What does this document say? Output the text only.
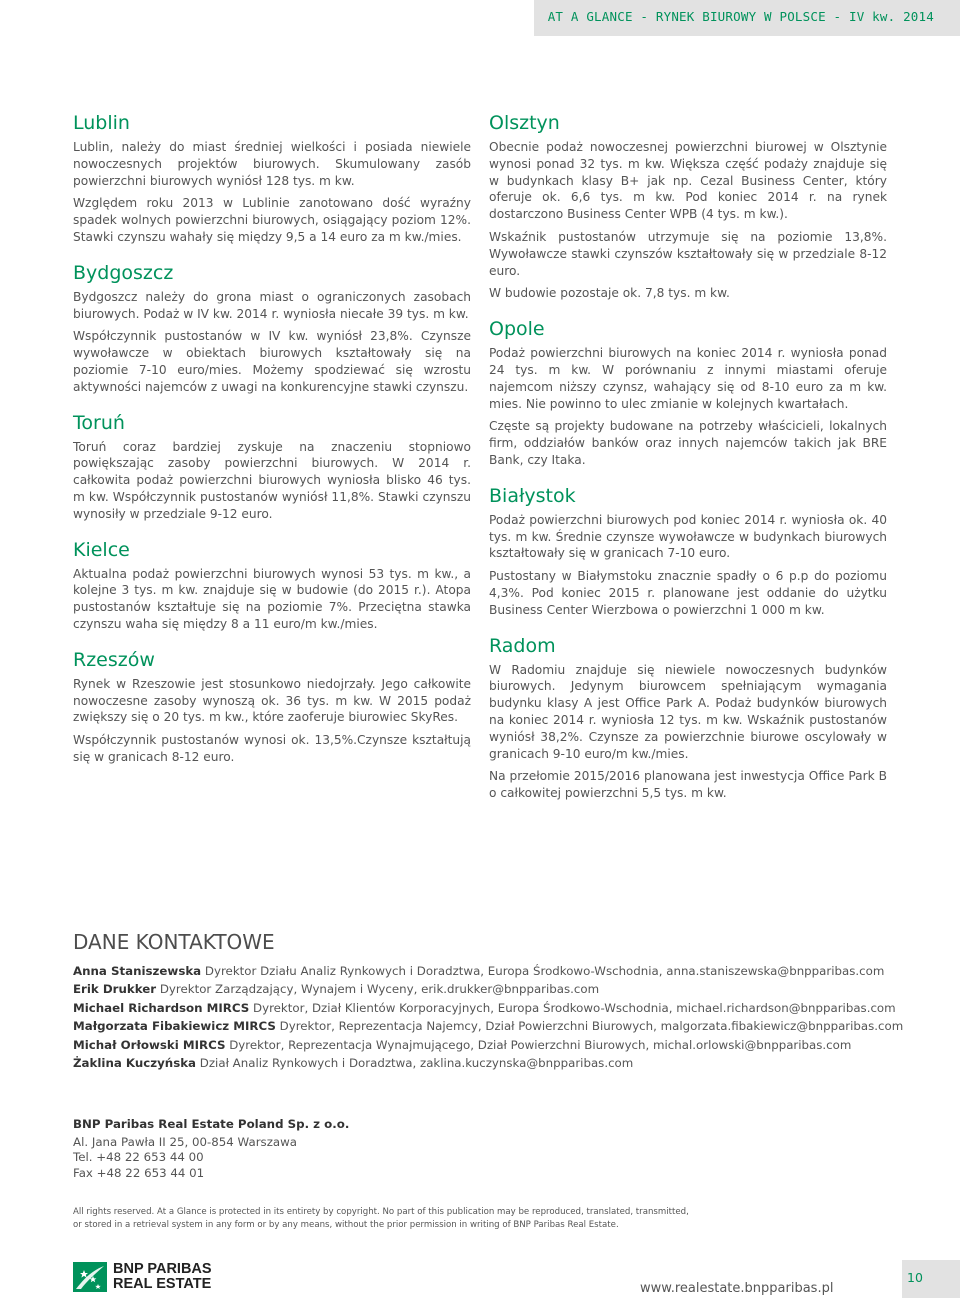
AT A GLANCE - RYNEK BIUROWY W POLSCE - IV kw. 2014
Lublin

Lublin, należy do miast średniej wielkości i posiada niewiele nowoczesnych projektów biurowych. Skumulowany zasób powierzchni biurowych wyniósł 128 tys. m kw.

Względem roku 2013 w Lublinie zanotowano dość wyraźny spadek wolnych powierzchni biurowych, osiągający poziom 12%. Stawki czynszu wahały się między 9,5 a 14 euro za m kw./mies.

Bydgoszcz

Bydgoszcz należy do grona miast o ograniczonych zasobach biurowych. Podaż w IV kw. 2014 r. wyniosła niecałe 39 tys. m kw.

Współczynnik pustostanów w IV kw. wyniósł 23,8%. Czynsze wywoławcze w obiektach biurowych kształtowały się na poziomie 7-10 euro/mies. Możemy spodziewać się wzrostu aktywności najemców z uwagi na konkurencyjne stawki czynszu.

Toruń

Toruń coraz bardziej zyskuje na znaczeniu stopniowo powiększając zasoby powierzchni biurowych. W 2014 r. całkowita podaż powierzchni biurowych wyniosła blisko 46 tys. m kw. Współczynnik pustostanów wyniósł 11,8%. Stawki czynszu wynosiły w przedziale 9-12 euro.

Kielce

Aktualna podaż powierzchni biurowych wynosi 53 tys. m kw., a kolejne 3 tys. m kw. znajduje się w budowie (do 2015 r.). Atopa pustostanów kształtuje się na poziomie 7%. Przeciętna stawka czynszu waha się między 8 a 11 euro/m kw./mies.

Rzeszów

Rynek w Rzeszowie jest stosunkowo niedojrzały. Jego całkowite nowoczesne zasoby wynoszą ok. 36 tys. m kw. W 2015 podaż zwiększy się o 20 tys. m kw., które zaoferuje biurowiec SkyRes.

Współczynnik pustostanów wynosi ok. 13,5%.Czynsze kształtują się w granicach 8-12 euro.

Olsztyn

Obecnie podaż nowoczesnej powierzchni biurowej w Olsztynie wynosi ponad 32 tys. m kw. Większa część podaży znajduje się w budynkach klasy B+ jak np. Cezal Business Center, który oferuje ok. 6,6 tys. m kw. Pod koniec 2014 r. na rynek dostarczono Business Center WPB (4 tys. m kw.).

Wskaźnik pustostanów utrzymuje się na poziomie 13,8%. Wywoławcze stawki czynszów kształtowały się w przedziale 8-12 euro.

W budowie pozostaje ok. 7,8 tys. m kw.

Opole

Podaż powierzchni biurowych na koniec 2014 r. wyniosła ponad 24 tys. m kw. W porównaniu z innymi miastami oferuje najemcom niższy czynsz, wahający się od 8-10 euro za m kw. mies. Nie powinno to ulec zmianie w kolejnych kwartałach.

Częste są projekty budowane na potrzeby właścicieli, lokalnych firm, oddziałów banków oraz innych najemców takich jak BRE Bank, czy Itaka.

Białystok

Podaż powierzchni biurowych pod koniec 2014 r. wyniosła ok. 40 tys. m kw. Średnie czynsze wywoławcze w budynkach biurowych kształtowały się w granicach 7-10 euro.

Pustostany w Białymstoku znacznie spadły o 6 p.p do poziomu 4,3%. Pod koniec 2015 r. planowane jest oddanie do użytku Business Center Wierzbowa o powierzchni 1 000 m kw.

Radom

W Radomiu znajduje się niewiele nowoczesnych budynków biurowych. Jedynym biurowcem spełniającym wymagania budynku klasy A jest Office Park A. Podaż budynków biurowych na koniec 2014 r. wyniosła 12 tys. m kw. Wskaźnik pustostanów wyniósł 38,2%. Czynsze za powierzchnie biurowe oscylowały w granicach 9-10 euro/m kw./mies.

Na przełomie 2015/2016 planowana jest inwestycja Office Park B o całkowitej powierzchni 5,5 tys. m kw.

DANE KONTAKTOWE
Anna Staniszewska Dyrektor Działu Analiz Rynkowych i Doradztwa, Europa Środkowo-Wschodnia, anna.staniszewska@bnpparibas.com
Erik Drukker Dyrektor Zarządzający, Wynajem i Wyceny, erik.drukker@bnpparibas.com
Michael Richardson MIRCS Dyrektor, Dział Klientów Korporacyjnych, Europa Środkowo-Wschodnia, michael.richardson@bnpparibas.com
Małgorzata Fibakiewicz MIRCS Dyrektor, Reprezentacja Najemcy, Dział Powierzchni Biurowych, malgorzata.fibakiewicz@bnpparibas.com
Michał Orłowski MIRCS Dyrektor, Reprezentacja Wynajmującego, Dział Powierzchni Biurowych, michal.orlowski@bnpparibas.com
Żaklina Kuczyńska Dział Analiz Rynkowych i Doradztwa, zaklina.kuczynska@bnpparibas.com
BNP Paribas Real Estate Poland Sp. z o.o.
Al. Jana Pawła II 25, 00-854 Warszawa
Tel. +48 22 653 44 00
Fax +48 22 653 44 01
All rights reserved. At a Glance is protected in its entirety by copyright. No part of this publication may be reproduced, translated, transmitted,
or stored in a retrieval system in any form or by any means, without the prior permission in writing of BNP Paribas Real Estate.
BNP PARIBAS
REAL ESTATE	www.realestate.bnpparibas.pl
10
